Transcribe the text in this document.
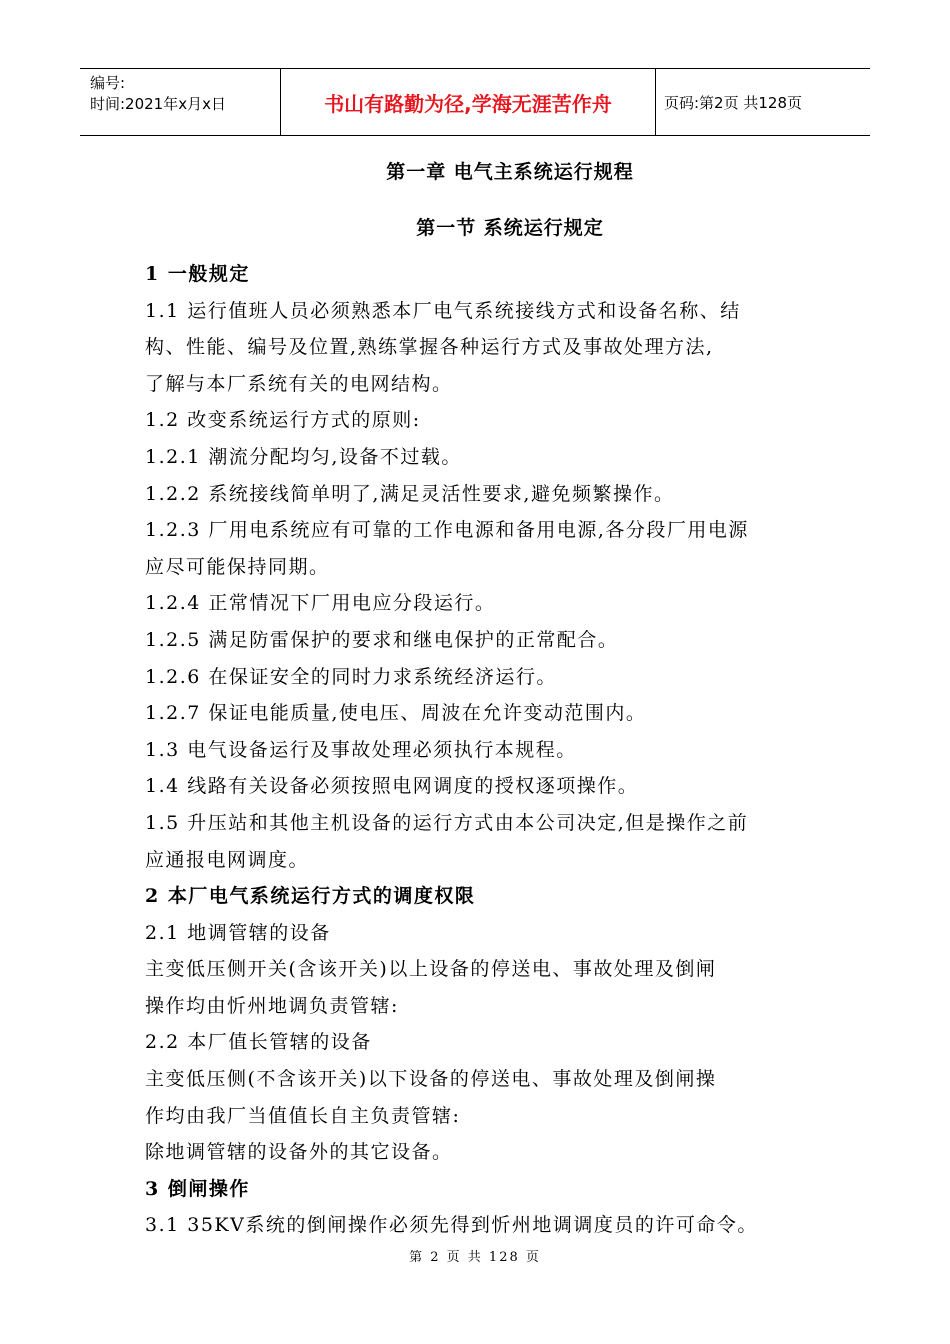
编号:
时间:2021年x月x日	书山有路勤为径,学海无涯苦作舟	页码:第2页 共128页
第一章 电气主系统运行规程
第一节 系统运行规定

1 一般规定

1.1 运行值班人员必须熟悉本厂电气系统接线方式和设备名称、结

构、性能、编号及位置,熟练掌握各种运行方式及事故处理方法,

了解与本厂系统有关的电网结构。

1.2 改变系统运行方式的原则:

1.2.1 潮流分配均匀,设备不过载。

1.2.2 系统接线简单明了,满足灵活性要求,避免频繁操作。

1.2.3 厂用电系统应有可靠的工作电源和备用电源,各分段厂用电源

应尽可能保持同期。

1.2.4 正常情况下厂用电应分段运行。

1.2.5 满足防雷保护的要求和继电保护的正常配合。

1.2.6 在保证安全的同时力求系统经济运行。

1.2.7 保证电能质量,使电压、周波在允许变动范围内。

1.3 电气设备运行及事故处理必须执行本规程。

1.4 线路有关设备必须按照电网调度的授权逐项操作。

1.5 升压站和其他主机设备的运行方式由本公司决定,但是操作之前

应通报电网调度。

2 本厂电气系统运行方式的调度权限

2.1 地调管辖的设备

主变低压侧开关(含该开关)以上设备的停送电、事故处理及倒闸

操作均由忻州地调负责管辖:

2.2 本厂值长管辖的设备

主变低压侧(不含该开关)以下设备的停送电、事故处理及倒闸操

作均由我厂当值值长自主负责管辖:

除地调管辖的设备外的其它设备。

3 倒闸操作

3.1 35KV系统的倒闸操作必须先得到忻州地调调度员的许可命令。

第 2 页 共 128 页
